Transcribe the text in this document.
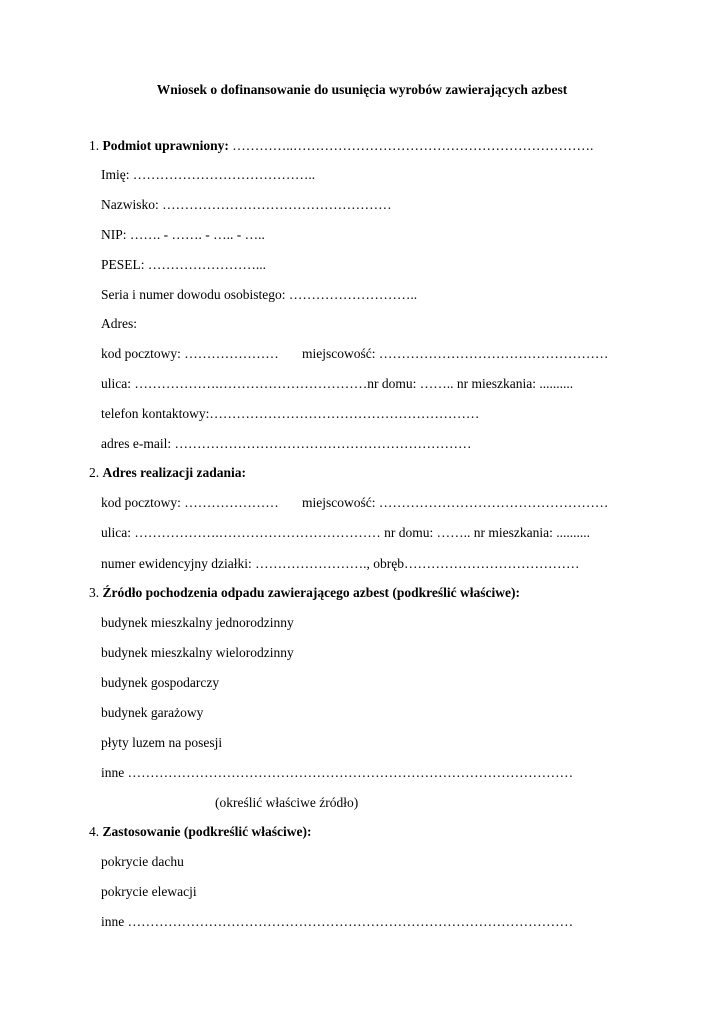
Wniosek o dofinansowanie do usunięcia wyrobów zawierających azbest
1. Podmiot uprawniony: …………..………………………………………………………….
Imię: …………………………………..
Nazwisko: ……………………………………………
NIP: ……. - ……. - ….. - …..
PESEL: ……………………...
Seria i numer dowodu osobistego: ………………………..
Adres:
kod pocztowy: ………………… miejscowość: ……………………………………………
ulica: ……………….……………………………nr domu: …….. nr mieszkania: ..........
telefon kontaktowy:……………………………………………………
adres e-mail: …………………………………………………………
2. Adres realizacji zadania:
kod pocztowy: ………………… miejscowość: ……………………………………………
ulica: ……………….……………………………… nr domu: …….. nr mieszkania: ..........
numer ewidencyjny działki: ……………………., obręb…………………………………
3. Źródło pochodzenia odpadu zawierającego azbest (podkreślić właściwe):
budynek mieszkalny jednorodzinny
budynek mieszkalny wielorodzinny
budynek gospodarczy
budynek garażowy
płyty luzem na posesji
inne ………………………………………………………………………………………
(określić właściwe źródło)
4. Zastosowanie (podkreślić właściwe):
pokrycie dachu
pokrycie elewacji
inne ………………………………………………………………………………………
